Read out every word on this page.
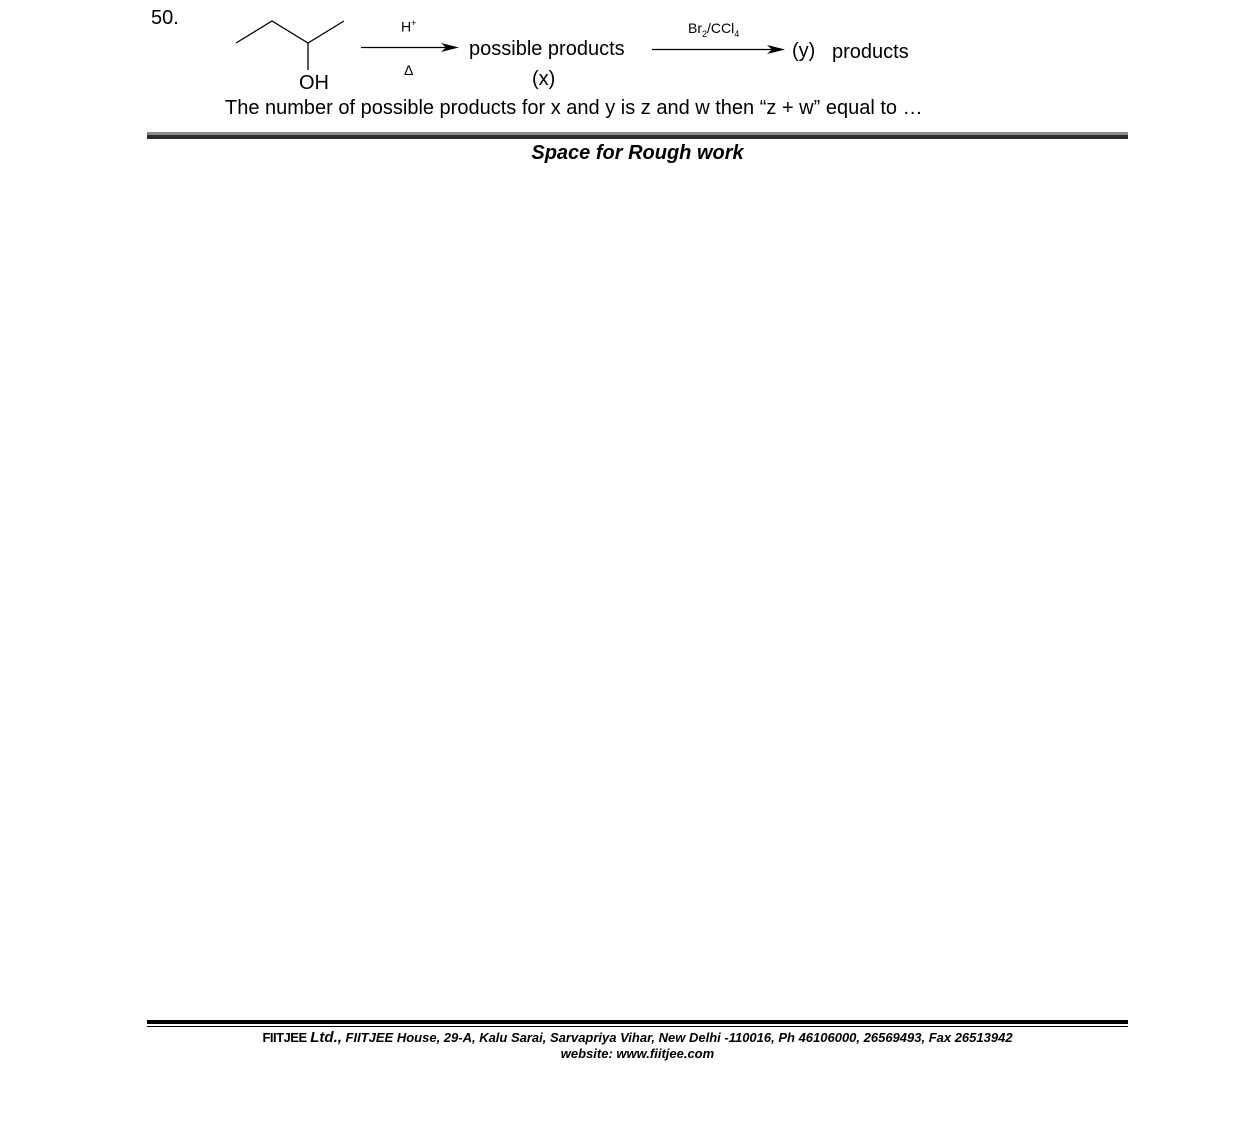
50.
OH
H+
Δ
possible products
(x)
$Br_2/CCl_4$
(y) products
The number of possible products for x and y is z and w then “z + w” equal to …
Space for Rough work
FIITJEE Ltd., FIITJEE House, 29-A, Kalu Sarai, Sarvapriya Vihar, New Delhi -110016, Ph 46106000, 26569493, Fax 26513942
website: www.fiitjee.com
